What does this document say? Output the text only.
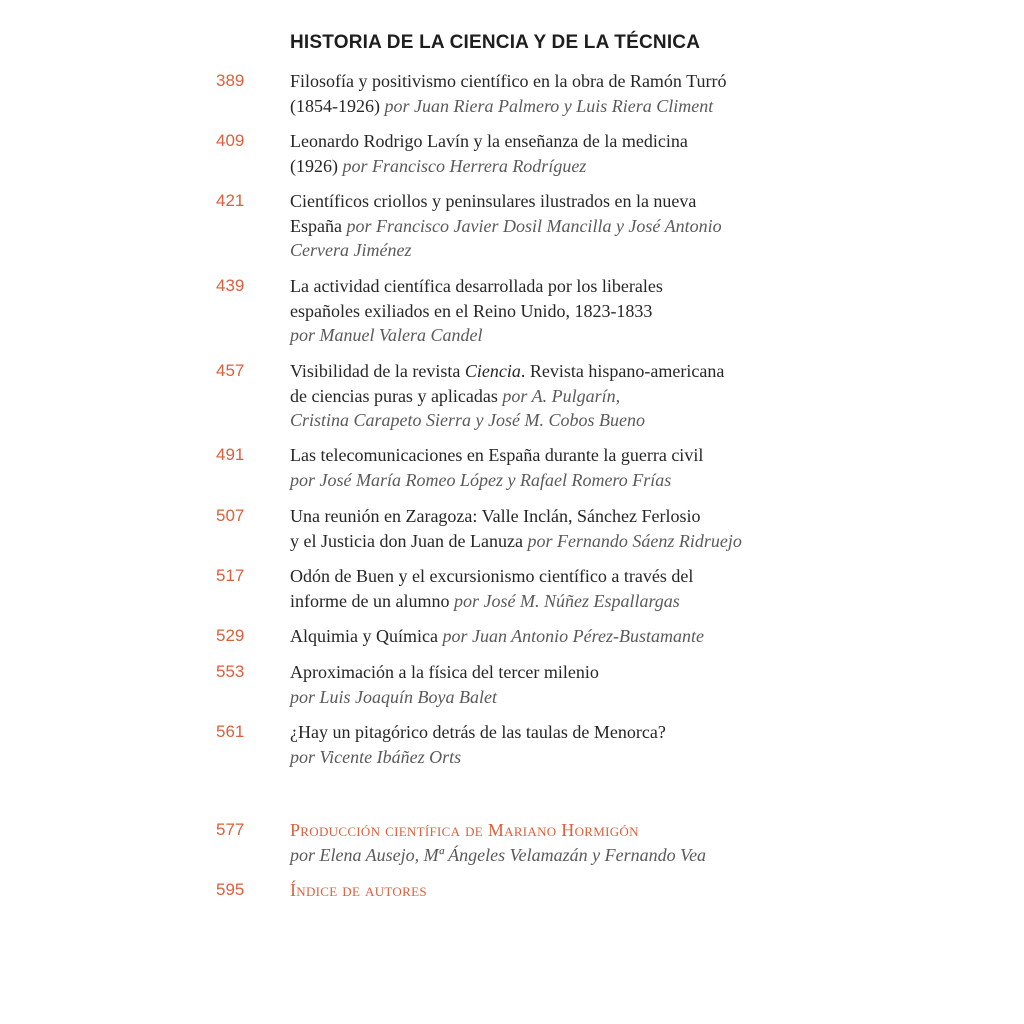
HISTORIA DE LA CIENCIA Y DE LA TÉCNICA
389	Filosofía y positivismo científico en la obra de Ramón Turró
(1854-1926) por Juan Riera Palmero y Luis Riera Climent
409	Leonardo Rodrigo Lavín y la enseñanza de la medicina
(1926) por Francisco Herrera Rodríguez
421	Científicos criollos y peninsulares ilustrados en la nueva
España por Francisco Javier Dosil Mancilla y José Antonio
Cervera Jiménez
439	La actividad científica desarrollada por los liberales
españoles exiliados en el Reino Unido, 1823-1833
por Manuel Valera Candel
457	Visibilidad de la revista Ciencia. Revista hispano-americana
de ciencias puras y aplicadas por A. Pulgarín,
Cristina Carapeto Sierra y José M. Cobos Bueno
491	Las telecomunicaciones en España durante la guerra civil
por José María Romeo López y Rafael Romero Frías
507	Una reunión en Zaragoza: Valle Inclán, Sánchez Ferlosio
y el Justicia don Juan de Lanuza por Fernando Sáenz Ridruejo
517	Odón de Buen y el excursionismo científico a través del
informe de un alumno por José M. Núñez Espallargas
529	Alquimia y Química por Juan Antonio Pérez-Bustamante
553	Aproximación a la física del tercer milenio
por Luis Joaquín Boya Balet
561	¿Hay un pitagórico detrás de las taulas de Menorca?
por Vicente Ibáñez Orts
577	Producción científica de Mariano Hormigón
por Elena Ausejo, Mª Ángeles Velamazán y Fernando Vea
595	Índice de autores
